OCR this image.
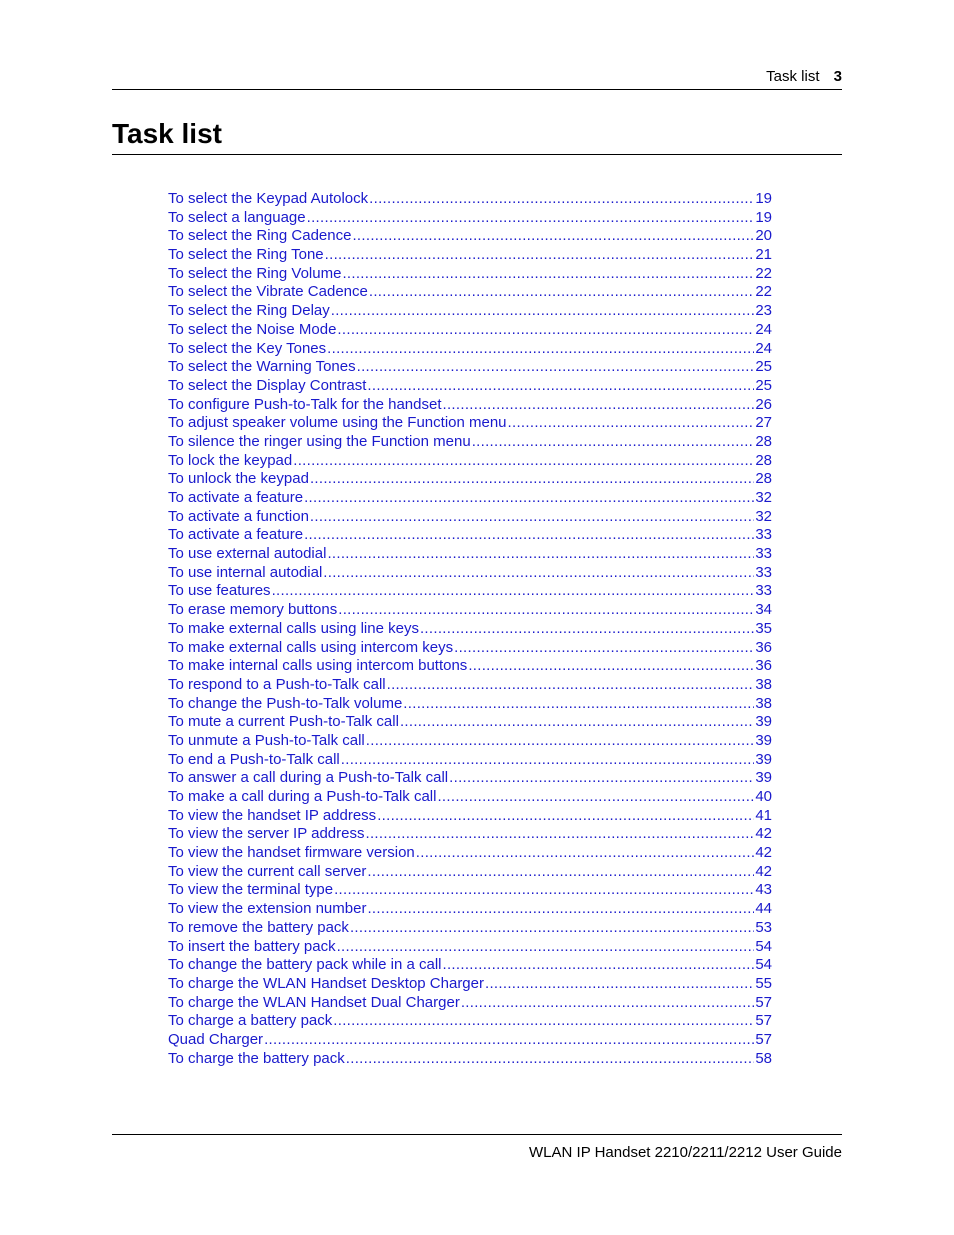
Task list 3
Task list
To select the Keypad Autolock .....	19
To select a language .....	19
To select the Ring Cadence .....	20
To select the Ring Tone .....	21
To select the Ring Volume .....	22
To select the Vibrate Cadence .....	22
To select the Ring Delay .....	23
To select the Noise Mode .....	24
To select the Key Tones .....	24
To select the Warning Tones .....	25
To select the Display Contrast .....	25
To configure Push-to-Talk for the handset .....	26
To adjust speaker volume using the Function menu .....	27
To silence the ringer using the Function menu .....	28
To lock the keypad .....	28
To unlock the keypad .....	28
To activate a feature .....	32
To activate a function .....	32
To activate a feature .....	33
To use external autodial .....	33
To use internal autodial .....	33
To use features .....	33
To erase memory buttons .....	34
To make external calls using line keys .....	35
To make external calls using intercom keys .....	36
To make internal calls using intercom buttons .....	36
To respond to a Push-to-Talk call .....	38
To change the Push-to-Talk volume .....	38
To mute a current Push-to-Talk call .....	39
To unmute a Push-to-Talk call .....	39
To end a Push-to-Talk call .....	39
To answer a call during a Push-to-Talk call .....	39
To make a call during a Push-to-Talk call .....	40
To view the handset IP address .....	41
To view the server IP address .....	42
To view the handset firmware version .....	42
To view the current call server .....	42
To view the terminal type .....	43
To view the extension number .....	44
To remove the battery pack .....	53
To insert the battery pack .....	54
To change the battery pack while in a call .....	54
To charge the WLAN Handset Desktop Charger .....	55
To charge the WLAN Handset Dual Charger .....	57
To charge a battery pack .....	57
Quad Charger .....	57
To charge the battery pack .....	58
WLAN IP Handset 2210/2211/2212 User Guide
